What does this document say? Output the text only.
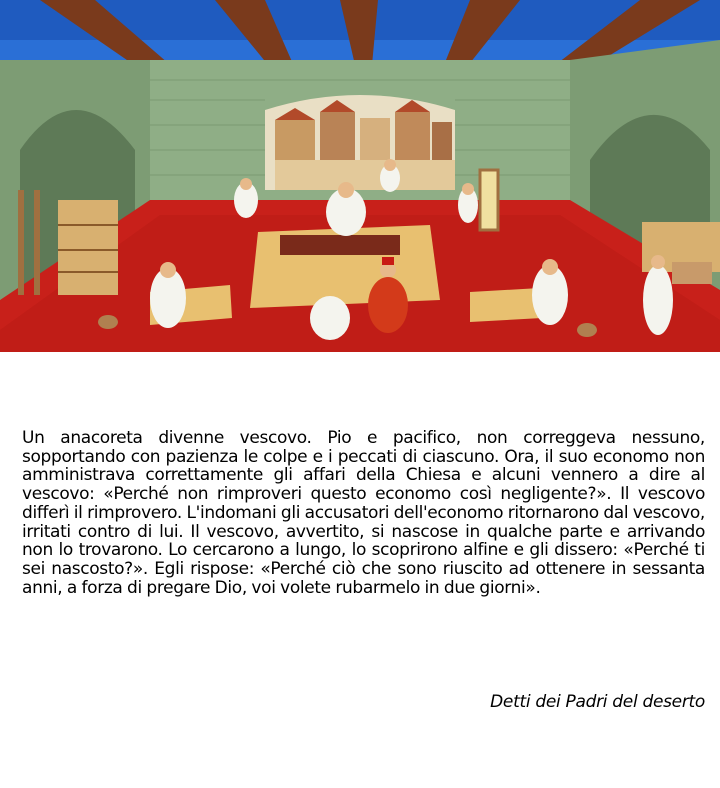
Un anacoreta divenne vescovo. Pio e pacifico, non correggeva nessuno, sopportando con pazienza le colpe e i peccati di ciascuno. Ora, il suo economo non amministrava correttamente gli affari della Chiesa e alcuni vennero a dire al vescovo: «Perché non rimproveri questo economo così negligente?». Il vescovo differì il rimprovero. L'indomani gli accusatori dell'economo ritornarono dal vescovo, irritati contro di lui. Il vescovo, avvertito, si nascose in qualche parte e arrivando non lo trovarono. Lo cercarono a lungo, lo scoprirono alfine e gli dissero: «Perché ti sei nascosto?». Egli rispose: «Perché ciò che sono riuscito ad ottenere in sessanta anni, a forza di pregare Dio, voi volete rubarmelo in due giorni».

Detti dei Padri del deserto
